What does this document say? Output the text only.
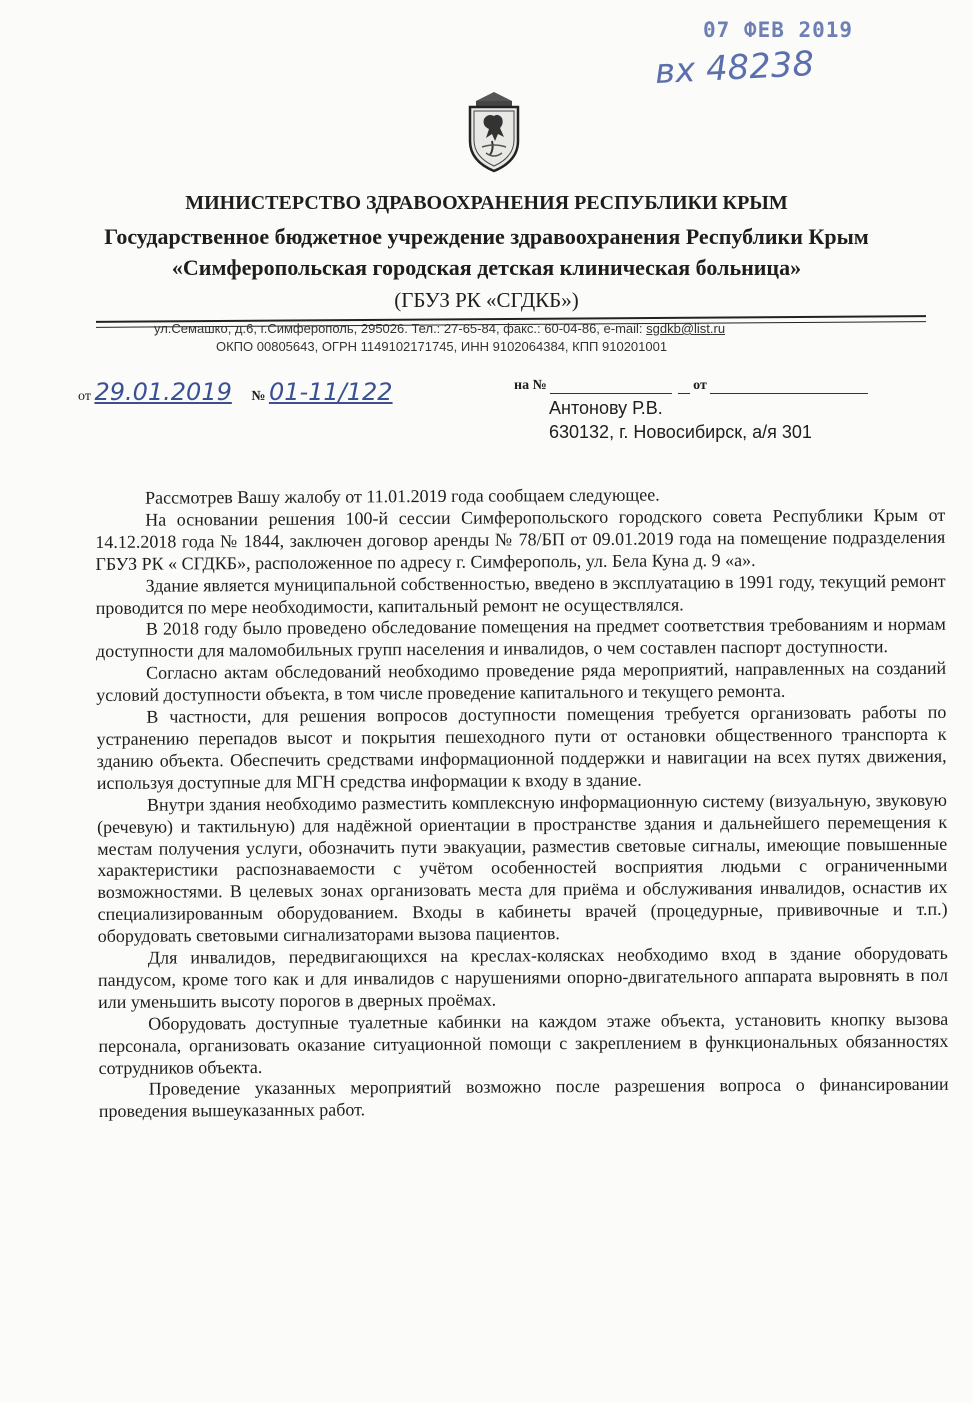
07 ФЕВ 2019
вх 48238
МИНИСТЕРСТВО ЗДРАВООХРАНЕНИЯ РЕСПУБЛИКИ КРЫМ
Государственное бюджетное учреждение здравоохранения Республики Крым
«Симферопольская городская детская клиническая больница»
(ГБУЗ РК «СГДКБ»)
ул.Семашко, д.6, г.Симферополь, 295026. Тел.: 27-65-84, факс.: 60-04-86, e-mail: sgdkb@list.ru
ОКПО 00805643, ОГРН 1149102171745, ИНН 9102064384, КПП 910201001
от 29.01.2019 № 01-11/122	на №	от
Антонову Р.В.
630132, г. Новосибирск, а/я 301

Рассмотрев Вашу жалобу от 11.01.2019 года сообщаем следующее.

На основании решения 100-й сессии Симферопольского городского совета Республики Крым от 14.12.2018 года № 1844, заключен договор аренды № 78/БП от 09.01.2019 года на помещение подразделения ГБУЗ РК « СГДКБ», расположенное по адресу г. Симферополь, ул. Бела Куна д. 9 «а».

Здание является муниципальной собственностью, введено в эксплуатацию в 1991 году, текущий ремонт проводится по мере необходимости, капитальный ремонт не осуществлялся.

В 2018 году было проведено обследование помещения на предмет соответствия требованиям и нормам доступности для маломобильных групп населения и инвалидов, о чем составлен паспорт доступности.

Согласно актам обследований необходимо проведение ряда мероприятий, направленных на созданий условий доступности объекта, в том числе проведение капитального и текущего ремонта.

В частности, для решения вопросов доступности помещения требуется организовать работы по устранению перепадов высот и покрытия пешеходного пути от остановки общественного транспорта к зданию объекта. Обеспечить средствами информационной поддержки и навигации на всех путях движения, используя доступные для МГН средства информации к входу в здание.

Внутри здания необходимо разместить комплексную информационную систему (визуальную, звуковую (речевую) и тактильную) для надёжной ориентации в пространстве здания и дальнейшего перемещения к местам получения услуги, обозначить пути эвакуации, разместив световые сигналы, имеющие повышенные характеристики распознаваемости с учётом особенностей восприятия людьми с ограниченными возможностями. В целевых зонах организовать места для приёма и обслуживания инвалидов, оснастив их специализированным оборудованием. Входы в кабинеты врачей (процедурные, прививочные и т.п.) оборудовать световыми сигнализаторами вызова пациентов.

Для инвалидов, передвигающихся на креслах-колясках необходимо вход в здание оборудовать пандусом, кроме того как и для инвалидов с нарушениями опорно-двигательного аппарата выровнять в пол или уменьшить высоту порогов в дверных проёмах.

Оборудовать доступные туалетные кабинки на каждом этаже объекта, установить кнопку вызова персонала, организовать оказание ситуационной помощи с закреплением в функциональных обязанностях сотрудников объекта.

Проведение указанных мероприятий возможно после разрешения вопроса о финансировании проведения вышеуказанных работ.
